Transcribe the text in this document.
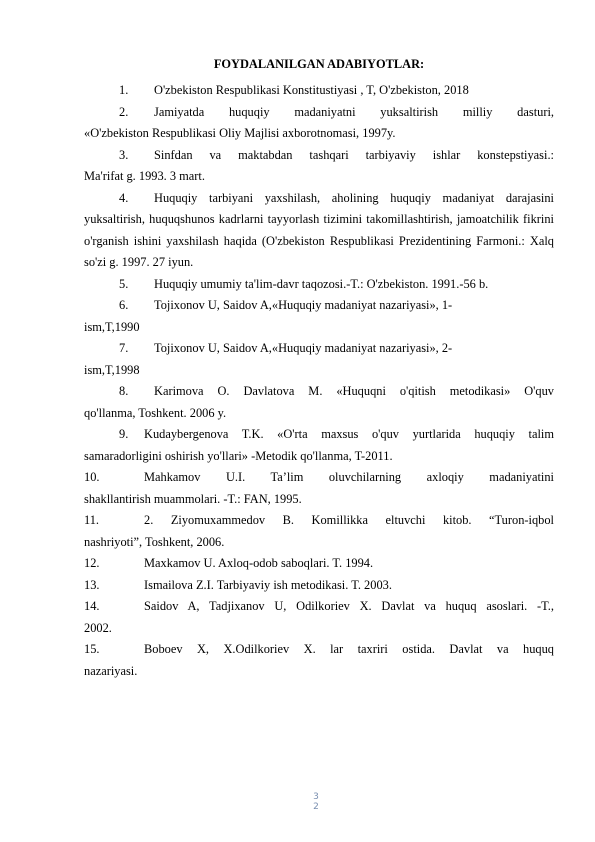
FOYDALANILGAN ADABIYOTLAR:
1. O'zbekiston Respublikasi Konstitustiyasi , T, O'zbekiston, 2018
2. Jamiyatda huquqiy madaniyatni yuksaltirish milliy dasturi,
«O'zbekiston Respublikasi Oliy Majlisi axborotnomasi, 1997y.
3. Sinfdan va maktabdan tashqari tarbiyaviy ishlar konstepstiyasi.:
Ma'rifat g. 1993. 3 mart.
4. Huquqiy tarbiyani yaxshilash, aholining huquqiy madaniyat darajasini
yuksaltirish, huquqshunos kadrlarni tayyorlash tizimini takomillashtirish, jamoatchilik fikrini o'rganish ishini yaxshilash haqida (O'zbekiston Respublikasi Prezidentining Farmoni.: Xalq so'zi g. 1997. 27 iyun.
5. Huquqiy umumiy ta'lim-davr taqozosi.-T.: O'zbekiston. 1991.-56 b.
6. Tojixonov U, Saidov A,«Huquqiy madaniyat nazariyasi», 1-
ism,T,1990
7. Tojixonov U, Saidov A,«Huquqiy madaniyat nazariyasi», 2-
ism,T,1998
8. Karimova O. Davlatova M. «Huquqni o'qitish metodikasi» O'quv
qo'llanma, Toshkent. 2006 y.
9. Kudaybergenova T.K. «O'rta maxsus o'quv yurtlarida huquqiy talim
samaradorligini oshirish yo'llari» -Metodik qo'llanma, T-2011.
10.	Mahkamov U.I. Ta’lim oluvchilarning axloqiy madaniyatini
shakllantirish muammolari. -T.: FAN, 1995.
11.	2. Ziyomuxammedov B. Komillikka eltuvchi kitob. “Turon-iqbol
nashriyoti”, Toshkent, 2006.
12.	Maxkamov U. Axloq-odob saboqlari. T. 1994.
13.	Ismailova Z.I. Tarbiyaviy ish metodikasi. T. 2003.
14.	Saidov A, Tadjixanov U, Odilkoriev X. Davlat va huquq asoslari. -T.,
2002.
15.	Boboev X, X.Odilkoriev X. lar taxriri ostida. Davlat va huquq
nazariyasi.
3
2
